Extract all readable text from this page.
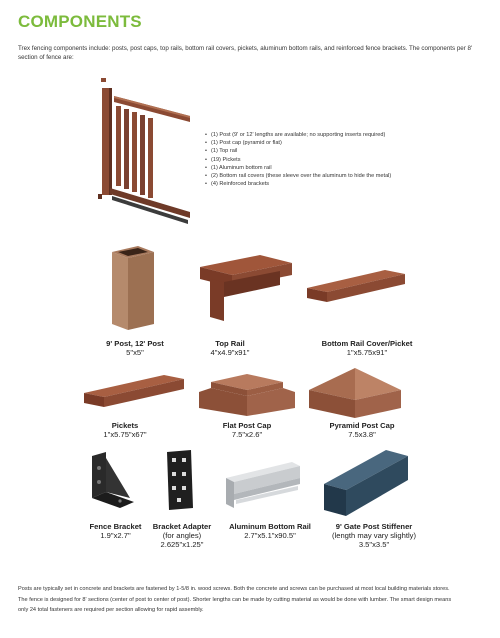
COMPONENTS
Trex fencing components include: posts, post caps, top rails, bottom rail covers, pickets, aluminum bottom rails, and reinforced fence brackets. The components per 8' section of fence are:
• (1) Post (9' or 12' lengths are available; no supporting inserts required)
• (1) Post cap (pyramid or flat)
• (1) Top rail
• (19) Pickets
• (1) Aluminum bottom rail
• (2) Bottom rail covers (these sleeve over the aluminum to hide the metal)
• (4) Reinforced brackets
9' Post, 12' Post
5"x5"
Top Rail
4"x4.9"x91"
Bottom Rail Cover/Picket
1"x5.75x91"
Pickets
1"x5.75"x67"
Flat Post Cap
7.5"x2.6"
Pyramid Post Cap
7.5x3.8"
Fence Bracket
1.9"x2.7"
Bracket Adapter
(for angles)
2.625"x1.25"
Aluminum Bottom Rail
2.7"x5.1"x90.5"
9' Gate Post Stiffener
(length may vary slightly)
3.5"x3.5"
Posts are typically set in concrete and brackets are fastened by 1-5/8 in. wood screws. Both the concrete and screws can be purchased at most local building materials stores.
The fence is designed for 8' sections (center of post to center of post). Shorter lengths can be made by cutting material as would be done with lumber. The smart design means
only 24 total fasteners are required per section allowing for rapid assembly.
